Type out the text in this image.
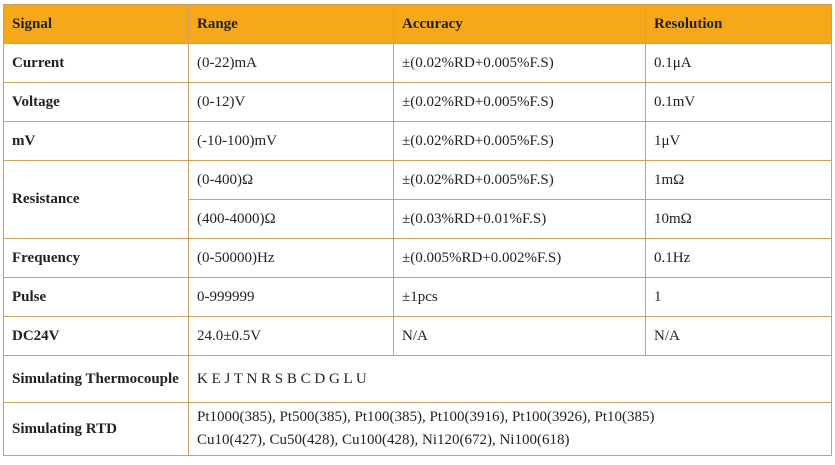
Signal	Range	Accuracy	Resolution
Current	(0-22)mA	±(0.02%RD+0.005%F.S)	0.1μA
Voltage	(0-12)V	±(0.02%RD+0.005%F.S)	0.1mV
mV	(-10-100)mV	±(0.02%RD+0.005%F.S)	1μV
Resistance	(0-400)Ω	±(0.02%RD+0.005%F.S)	1mΩ
	(400-4000)Ω	±(0.03%RD+0.01%F.S)	10mΩ
Frequency	(0-50000)Hz	±(0.005%RD+0.002%F.S)	0.1Hz
Pulse	0-999999	±1pcs	1
DC24V	24.0±0.5V	N/A	N/A
Simulating Thermocouple	K E J T N R S B C D G L U		
Simulating RTD	Pt1000(385), Pt500(385), Pt100(385), Pt100(3916), Pt100(3926), Pt10(385)
Cu10(427), Cu50(428), Cu100(428), Ni120(672), Ni100(618)		
